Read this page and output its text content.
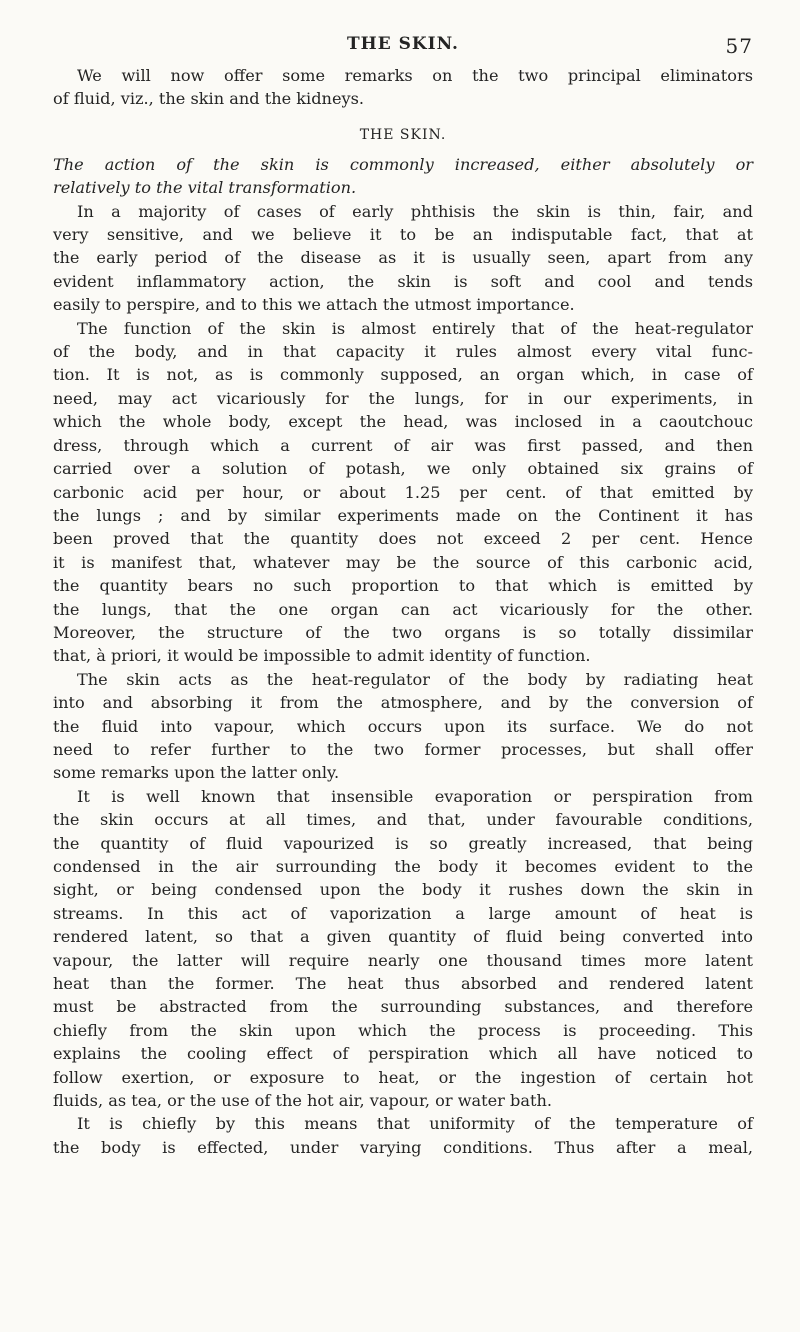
THE SKIN.	57

We will now offer some remarks on the two principal eliminators
of fluid, viz., the skin and the kidneys.

THE SKIN.

The action of the skin is commonly increased, either absolutely or
relatively to the vital transformation.

In a majority of cases of early phthisis the skin is thin, fair, and
very sensitive, and we believe it to be an indisputable fact, that at
the early period of the disease as it is usually seen, apart from any
evident inflammatory action, the skin is soft and cool and tends
easily to perspire, and to this we attach the utmost importance.

The function of the skin is almost entirely that of the heat-regulator
of the body, and in that capacity it rules almost every vital func-
tion. It is not, as is commonly supposed, an organ which, in case of
need, may act vicariously for the lungs, for in our experiments, in
which the whole body, except the head, was inclosed in a caoutchouc
dress, through which a current of air was first passed, and then
carried over a solution of potash, we only obtained six grains of
carbonic acid per hour, or about 1.25 per cent. of that emitted by
the lungs ; and by similar experiments made on the Continent it has
been proved that the quantity does not exceed 2 per cent. Hence
it is manifest that, whatever may be the source of this carbonic acid,
the quantity bears no such proportion to that which is emitted by
the lungs, that the one organ can act vicariously for the other.
Moreover, the structure of the two organs is so totally dissimilar
that, à priori, it would be impossible to admit identity of function.

The skin acts as the heat-regulator of the body by radiating heat
into and absorbing it from the atmosphere, and by the conversion of
the fluid into vapour, which occurs upon its surface. We do not
need to refer further to the two former processes, but shall offer
some remarks upon the latter only.

It is well known that insensible evaporation or perspiration from
the skin occurs at all times, and that, under favourable conditions,
the quantity of fluid vapourized is so greatly increased, that being
condensed in the air surrounding the body it becomes evident to the
sight, or being condensed upon the body it rushes down the skin in
streams. In this act of vaporization a large amount of heat is
rendered latent, so that a given quantity of fluid being converted into
vapour, the latter will require nearly one thousand times more latent
heat than the former. The heat thus absorbed and rendered latent
must be abstracted from the surrounding substances, and therefore
chiefly from the skin upon which the process is proceeding. This
explains the cooling effect of perspiration which all have noticed to
follow exertion, or exposure to heat, or the ingestion of certain hot
fluids, as tea, or the use of the hot air, vapour, or water bath.

It is chiefly by this means that uniformity of the temperature of
the body is effected, under varying conditions. Thus after a meal,
